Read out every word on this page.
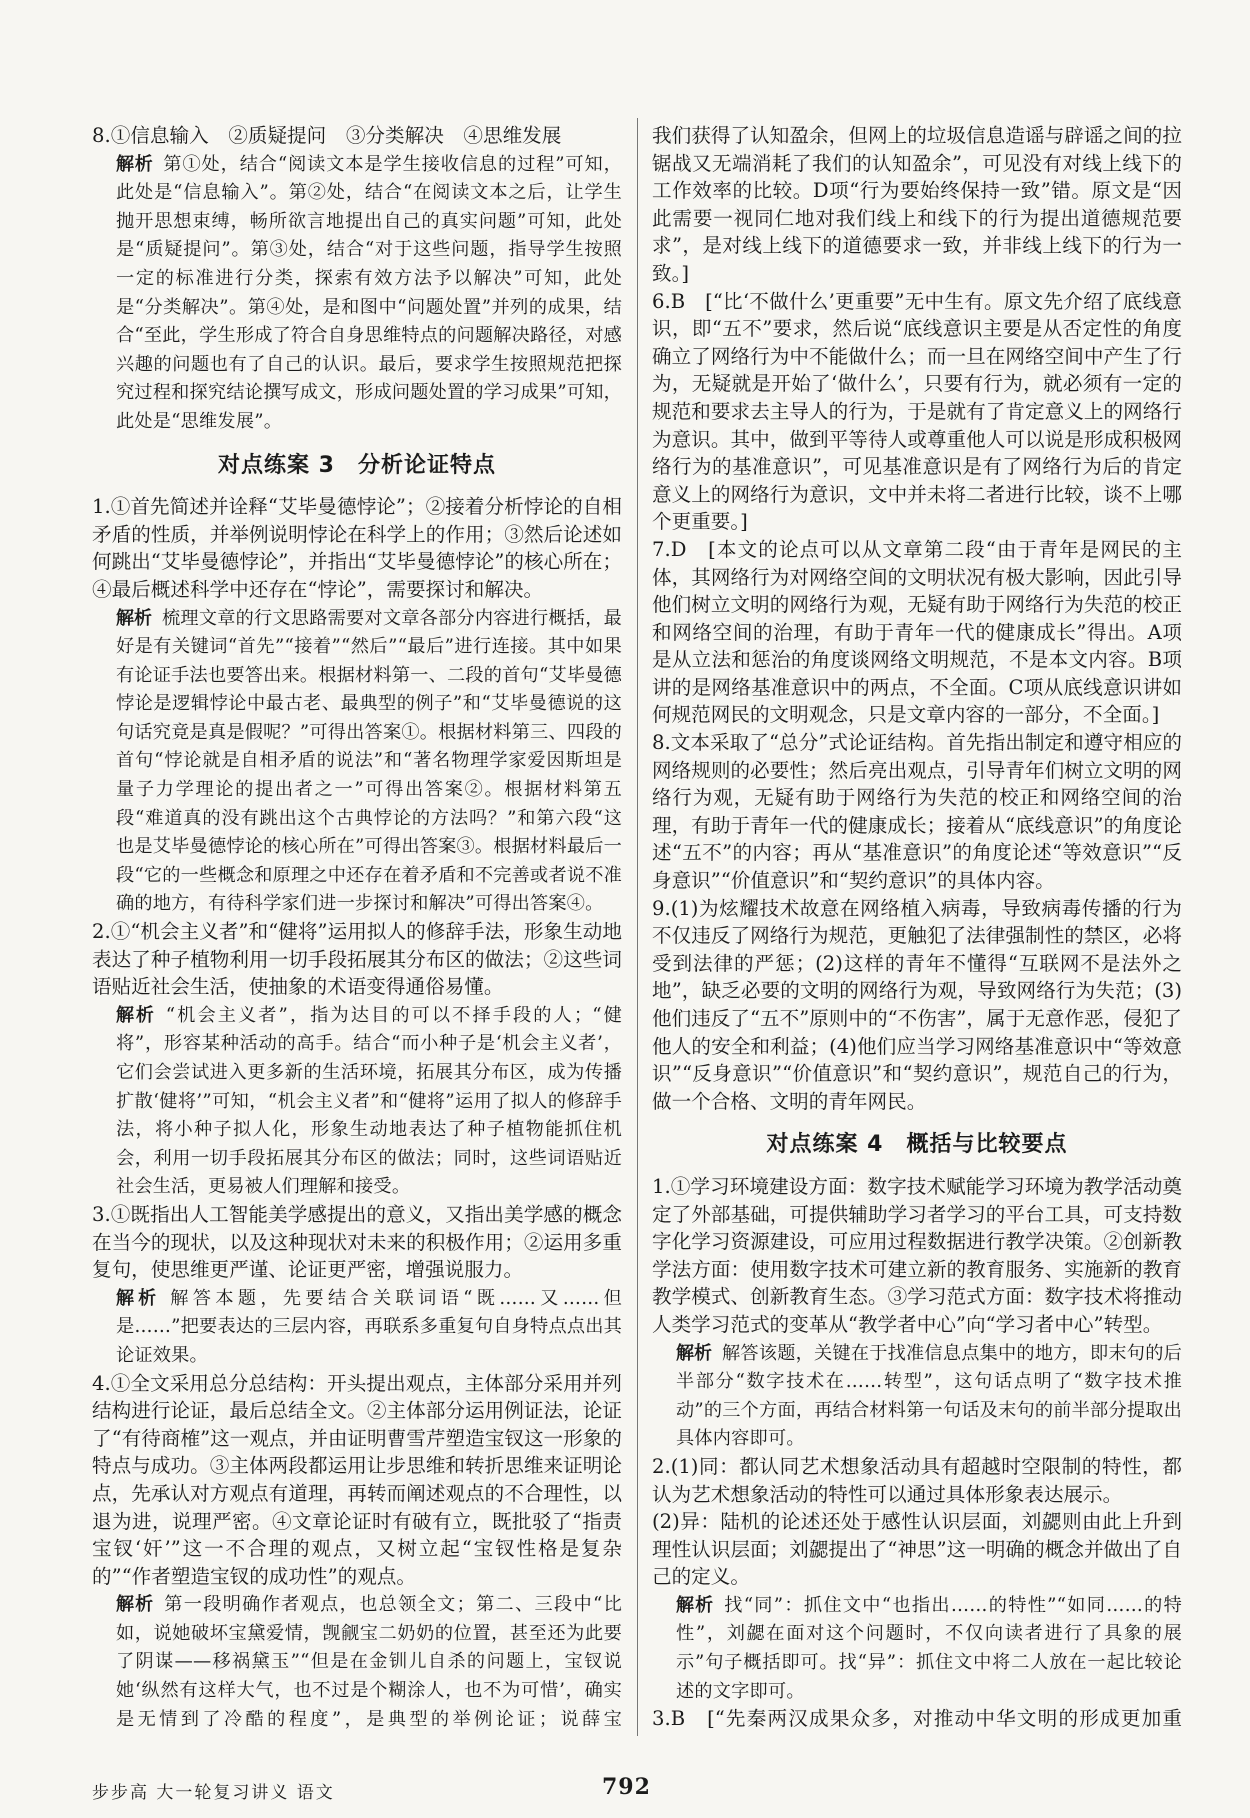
8.①信息输入　②质疑提问　③分类解决　④思维发展

解析 第①处，结合“阅读文本是学生接收信息的过程”可知，此处是“信息输入”。第②处，结合“在阅读文本之后，让学生抛开思想束缚，畅所欲言地提出自己的真实问题”可知，此处是“质疑提问”。第③处，结合“对于这些问题，指导学生按照一定的标准进行分类，探索有效方法予以解决”可知，此处是“分类解决”。第④处，是和图中“问题处置”并列的成果，结合“至此，学生形成了符合自身思维特点的问题解决路径，对感兴趣的问题也有了自己的认识。最后，要求学生按照规范把探究过程和探究结论撰写成文，形成问题处置的学习成果”可知，此处是“思维发展”。

对点练案 3　分析论证特点

1.①首先简述并诠释“艾毕曼德悖论”；②接着分析悖论的自相矛盾的性质，并举例说明悖论在科学上的作用；③然后论述如何跳出“艾毕曼德悖论”，并指出“艾毕曼德悖论”的核心所在；④最后概述科学中还存在“悖论”，需要探讨和解决。

解析 梳理文章的行文思路需要对文章各部分内容进行概括，最好是有关键词“首先”“接着”“然后”“最后”进行连接。其中如果有论证手法也要答出来。根据材料第一、二段的首句“艾毕曼德悖论是逻辑悖论中最古老、最典型的例子”和“艾毕曼德说的这句话究竟是真是假呢？”可得出答案①。根据材料第三、四段的首句“悖论就是自相矛盾的说法”和“著名物理学家爱因斯坦是量子力学理论的提出者之一”可得出答案②。根据材料第五段“难道真的没有跳出这个古典悖论的方法吗？”和第六段“这也是艾毕曼德悖论的核心所在”可得出答案③。根据材料最后一段“它的一些概念和原理之中还存在着矛盾和不完善或者说不准确的地方，有待科学家们进一步探讨和解决”可得出答案④。

2.①“机会主义者”和“健将”运用拟人的修辞手法，形象生动地表达了种子植物利用一切手段拓展其分布区的做法；②这些词语贴近社会生活，使抽象的术语变得通俗易懂。

解析 “机会主义者”，指为达目的可以不择手段的人；“健将”，形容某种活动的高手。结合“而小种子是‘机会主义者’，它们会尝试进入更多新的生活环境，拓展其分布区，成为传播扩散‘健将’”可知，“机会主义者”和“健将”运用了拟人的修辞手法，将小种子拟人化，形象生动地表达了种子植物能抓住机会，利用一切手段拓展其分布区的做法；同时，这些词语贴近社会生活，更易被人们理解和接受。

3.①既指出人工智能美学感提出的意义，又指出美学感的概念在当今的现状，以及这种现状对未来的积极作用；②运用多重复句，使思维更严谨、论证更严密，增强说服力。

解析 解答本题，先要结合关联词语“既……又……但是……”把要表达的三层内容，再联系多重复句自身特点点出其论证效果。

4.①全文采用总分总结构：开头提出观点，主体部分采用并列结构进行论证，最后总结全文。②主体部分运用例证法，论证了“有待商榷”这一观点，并由证明曹雪芹塑造宝钗这一形象的特点与成功。③主体两段都运用让步思维和转折思维来证明论点，先承认对方观点有道理，再转而阐述观点的不合理性，以退为进，说理严密。④文章论证时有破有立，既批驳了“指责宝钗‘奸’”这一不合理的观点，又树立起“宝钗性格是复杂的”“作者塑造宝钗的成功性”的观点。

解析 第一段明确作者观点，也总领全文；第二、三段中“比如，说她破坏宝黛爱情，觊觎宝二奶奶的位置，甚至还为此要了阴谋——移祸黛玉”“但是在金钏儿自杀的问题上，宝钗说她‘纵然有这样大气，也不过是个糊涂人，也不为可惜’，确实是无情到了冷酷的程度”，是典型的举例论证；说薛宝

我们获得了认知盈余，但网上的垃圾信息造谣与辟谣之间的拉锯战又无端消耗了我们的认知盈余”，可见没有对线上线下的工作效率的比较。D项“行为要始终保持一致”错。原文是“因此需要一视同仁地对我们线上和线下的行为提出道德规范要求”，是对线上线下的道德要求一致，并非线上线下的行为一致。]

6.B　[“比‘不做什么’更重要”无中生有。原文先介绍了底线意识，即“五不”要求，然后说“底线意识主要是从否定性的角度确立了网络行为中不能做什么；而一旦在网络空间中产生了行为，无疑就是开始了‘做什么’，只要有行为，就必须有一定的规范和要求去主导人的行为，于是就有了肯定意义上的网络行为意识。其中，做到平等待人或尊重他人可以说是形成积极网络行为的基准意识”，可见基准意识是有了网络行为后的肯定意义上的网络行为意识，文中并未将二者进行比较，谈不上哪个更重要。]

7.D　[本文的论点可以从文章第二段“由于青年是网民的主体，其网络行为对网络空间的文明状况有极大影响，因此引导他们树立文明的网络行为观，无疑有助于网络行为失范的校正和网络空间的治理，有助于青年一代的健康成长”得出。A项是从立法和惩治的角度谈网络文明规范，不是本文内容。B项讲的是网络基准意识中的两点，不全面。C项从底线意识讲如何规范网民的文明观念，只是文章内容的一部分，不全面。]

8.文本采取了“总分”式论证结构。首先指出制定和遵守相应的网络规则的必要性；然后亮出观点，引导青年们树立文明的网络行为观，无疑有助于网络行为失范的校正和网络空间的治理，有助于青年一代的健康成长；接着从“底线意识”的角度论述“五不”的内容；再从“基准意识”的角度论述“等效意识”“反身意识”“价值意识”和“契约意识”的具体内容。

9.(1)为炫耀技术故意在网络植入病毒，导致病毒传播的行为不仅违反了网络行为规范，更触犯了法律强制性的禁区，必将受到法律的严惩；(2)这样的青年不懂得“互联网不是法外之地”，缺乏必要的文明的网络行为观，导致网络行为失范；(3)他们违反了“五不”原则中的“不伤害”，属于无意作恶，侵犯了他人的安全和利益；(4)他们应当学习网络基准意识中“等效意识”“反身意识”“价值意识”和“契约意识”，规范自己的行为，做一个合格、文明的青年网民。

对点练案 4　概括与比较要点

1.①学习环境建设方面：数字技术赋能学习环境为教学活动奠定了外部基础，可提供辅助学习者学习的平台工具，可支持数字化学习资源建设，可应用过程数据进行教学决策。②创新教学法方面：使用数字技术可建立新的教育服务、实施新的教育教学模式、创新教育生态。③学习范式方面：数字技术将推动人类学习范式的变革从“教学者中心”向“学习者中心”转型。

解析 解答该题，关键在于找准信息点集中的地方，即末句的后半部分“数字技术在……转型”，这句话点明了“数字技术推动”的三个方面，再结合材料第一句话及末句的前半部分提取出具体内容即可。

2.(1)同：都认同艺术想象活动具有超越时空限制的特性，都认为艺术想象活动的特性可以通过具体形象表达展示。

(2)异：陆机的论述还处于感性认识层面，刘勰则由此上升到理性认识层面；刘勰提出了“神思”这一明确的概念并做出了自己的定义。

解析 找“同”：抓住文中“也指出……的特性”“如同……的特性”，刘勰在面对这个问题时，不仅向读者进行了具象的展示”句子概括即可。找“异”：抓住文中将二人放在一起比较论述的文字即可。

3.B　[“先秦两汉成果众多，对推动中华文明的形成更加重

步步高 大一轮复习讲义 语文	792
